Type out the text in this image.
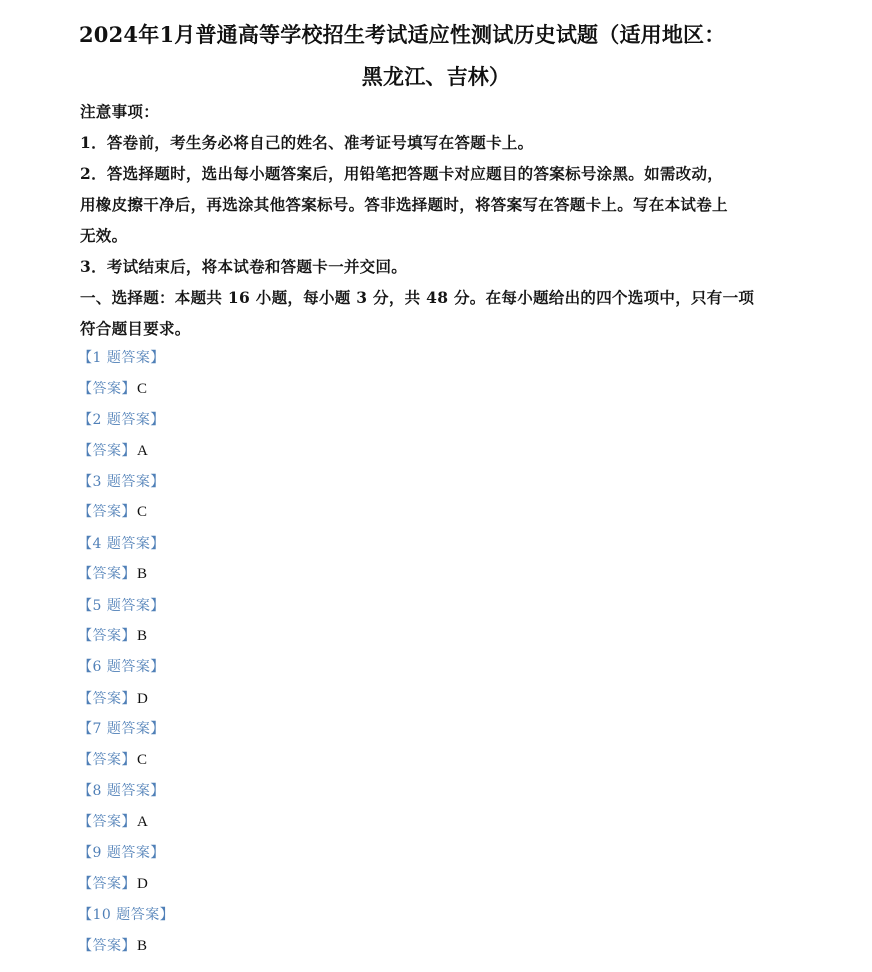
2024年1月普通高等学校招生考试适应性测试历史试题（适用地区：
黑龙江、吉林）
注意事项：
1．答卷前，考生务必将自己的姓名、准考证号填写在答题卡上。
2．答选择题时，选出每小题答案后，用铅笔把答题卡对应题目的答案标号涂黑。如需改动，
用橡皮擦干净后，再选涂其他答案标号。答非选择题时，将答案写在答题卡上。写在本试卷上
无效。
3．考试结束后，将本试卷和答题卡一并交回。
一、选择题：本题共 16 小题，每小题 3 分，共 48 分。在每小题给出的四个选项中，只有一项
符合题目要求。
【1 题答案】
【答案】C
【2 题答案】
【答案】A
【3 题答案】
【答案】C
【4 题答案】
【答案】B
【5 题答案】
【答案】B
【6 题答案】
【答案】D
【7 题答案】
【答案】C
【8 题答案】
【答案】A
【9 题答案】
【答案】D
【10 题答案】
【答案】B
